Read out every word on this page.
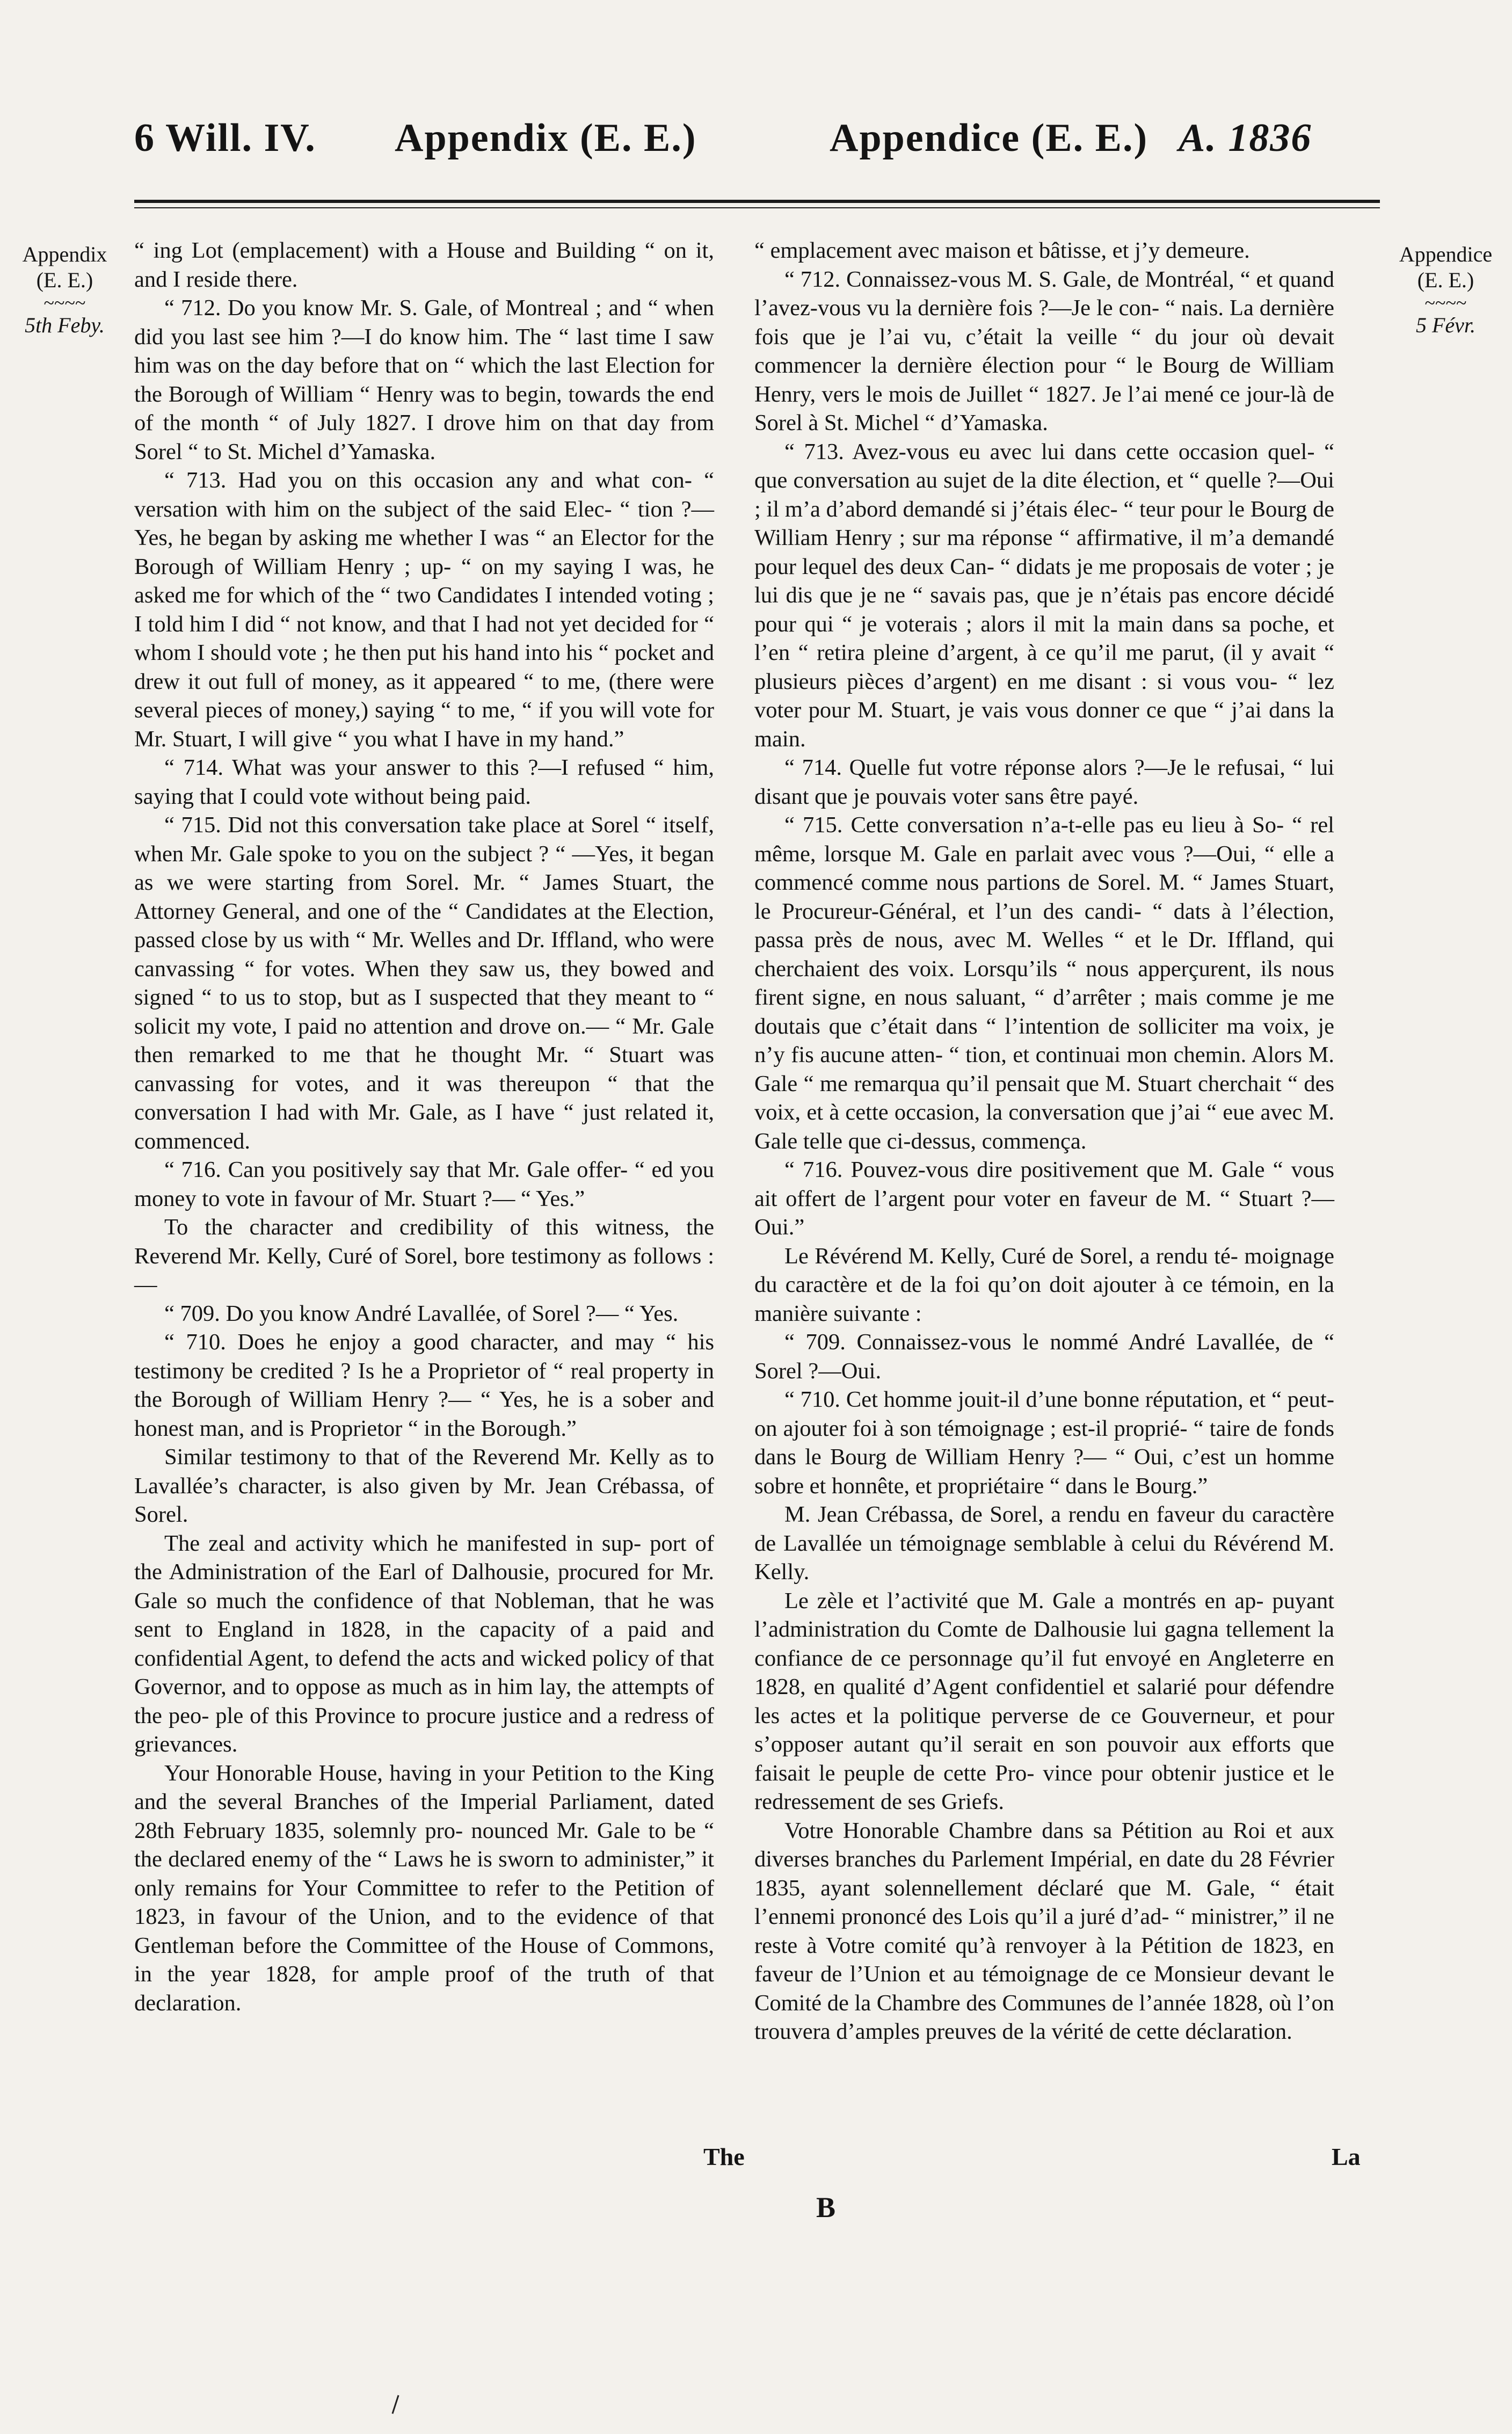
6 Will. IV. Appendix (E. E.)	Appendice (E. E.) A. 1836
Appendix (E. E.)
~~~~
5th Feby.
Appendice (E. E.)
~~~~
5 Févr.

“ ing Lot (emplacement) with a House and Building “ on it, and I reside there.

“ 712. Do you know Mr. S. Gale, of Montreal ; and “ when did you last see him ?—I do know him. The “ last time I saw him was on the day before that on “ which the last Election for the Borough of William “ Henry was to begin, towards the end of the month “ of July 1827. I drove him on that day from Sorel “ to St. Michel d’Yamaska.

“ 713. Had you on this occasion any and what con- “ versation with him on the subject of the said Elec- “ tion ?—Yes, he began by asking me whether I was “ an Elector for the Borough of William Henry ; up- “ on my saying I was, he asked me for which of the “ two Candidates I intended voting ; I told him I did “ not know, and that I had not yet decided for “ whom I should vote ; he then put his hand into his “ pocket and drew it out full of money, as it appeared “ to me, (there were several pieces of money,) saying “ to me, “ if you will vote for Mr. Stuart, I will give “ you what I have in my hand.”

“ 714. What was your answer to this ?—I refused “ him, saying that I could vote without being paid.

“ 715. Did not this conversation take place at Sorel “ itself, when Mr. Gale spoke to you on the subject ? “ —Yes, it began as we were starting from Sorel. Mr. “ James Stuart, the Attorney General, and one of the “ Candidates at the Election, passed close by us with “ Mr. Welles and Dr. Iffland, who were canvassing “ for votes. When they saw us, they bowed and signed “ to us to stop, but as I suspected that they meant to “ solicit my vote, I paid no attention and drove on.— “ Mr. Gale then remarked to me that he thought Mr. “ Stuart was canvassing for votes, and it was thereupon “ that the conversation I had with Mr. Gale, as I have “ just related it, commenced.

“ 716. Can you positively say that Mr. Gale offer- “ ed you money to vote in favour of Mr. Stuart ?— “ Yes.”

To the character and credibility of this witness, the Reverend Mr. Kelly, Curé of Sorel, bore testimony as follows :—

“ 709. Do you know André Lavallée, of Sorel ?— “ Yes.

“ 710. Does he enjoy a good character, and may “ his testimony be credited ? Is he a Proprietor of “ real property in the Borough of William Henry ?— “ Yes, he is a sober and honest man, and is Proprietor “ in the Borough.”

Similar testimony to that of the Reverend Mr. Kelly as to Lavallée’s character, is also given by Mr. Jean Crébassa, of Sorel.

The zeal and activity which he manifested in sup- port of the Administration of the Earl of Dalhousie, procured for Mr. Gale so much the confidence of that Nobleman, that he was sent to England in 1828, in the capacity of a paid and confidential Agent, to defend the acts and wicked policy of that Governor, and to oppose as much as in him lay, the attempts of the peo- ple of this Province to procure justice and a redress of grievances.

Your Honorable House, having in your Petition to the King and the several Branches of the Imperial Parliament, dated 28th February 1835, solemnly pro- nounced Mr. Gale to be “ the declared enemy of the “ Laws he is sworn to administer,” it only remains for Your Committee to refer to the Petition of 1823, in favour of the Union, and to the evidence of that Gentleman before the Committee of the House of Commons, in the year 1828, for ample proof of the truth of that declaration.

“ emplacement avec maison et bâtisse, et j’y demeure.

“ 712. Connaissez-vous M. S. Gale, de Montréal, “ et quand l’avez-vous vu la dernière fois ?—Je le con- “ nais. La dernière fois que je l’ai vu, c’était la veille “ du jour où devait commencer la dernière élection pour “ le Bourg de William Henry, vers le mois de Juillet “ 1827. Je l’ai mené ce jour-là de Sorel à St. Michel “ d’Yamaska.

“ 713. Avez-vous eu avec lui dans cette occasion quel- “ que conversation au sujet de la dite élection, et “ quelle ?—Oui ; il m’a d’abord demandé si j’étais élec- “ teur pour le Bourg de William Henry ; sur ma réponse “ affirmative, il m’a demandé pour lequel des deux Can- “ didats je me proposais de voter ; je lui dis que je ne “ savais pas, que je n’étais pas encore décidé pour qui “ je voterais ; alors il mit la main dans sa poche, et l’en “ retira pleine d’argent, à ce qu’il me parut, (il y avait “ plusieurs pièces d’argent) en me disant : si vous vou- “ lez voter pour M. Stuart, je vais vous donner ce que “ j’ai dans la main.

“ 714. Quelle fut votre réponse alors ?—Je le refusai, “ lui disant que je pouvais voter sans être payé.

“ 715. Cette conversation n’a-t-elle pas eu lieu à So- “ rel même, lorsque M. Gale en parlait avec vous ?—Oui, “ elle a commencé comme nous partions de Sorel. M. “ James Stuart, le Procureur-Général, et l’un des candi- “ dats à l’élection, passa près de nous, avec M. Welles “ et le Dr. Iffland, qui cherchaient des voix. Lorsqu’ils “ nous apperçurent, ils nous firent signe, en nous saluant, “ d’arrêter ; mais comme je me doutais que c’était dans “ l’intention de solliciter ma voix, je n’y fis aucune atten- “ tion, et continuai mon chemin. Alors M. Gale “ me remarqua qu’il pensait que M. Stuart cherchait “ des voix, et à cette occasion, la conversation que j’ai “ eue avec M. Gale telle que ci-dessus, commença.

“ 716. Pouvez-vous dire positivement que M. Gale “ vous ait offert de l’argent pour voter en faveur de M. “ Stuart ?—Oui.”

Le Révérend M. Kelly, Curé de Sorel, a rendu té- moignage du caractère et de la foi qu’on doit ajouter à ce témoin, en la manière suivante :

“ 709. Connaissez-vous le nommé André Lavallée, de “ Sorel ?—Oui.

“ 710. Cet homme jouit-il d’une bonne réputation, et “ peut-on ajouter foi à son témoignage ; est-il proprié- “ taire de fonds dans le Bourg de William Henry ?— “ Oui, c’est un homme sobre et honnête, et propriétaire “ dans le Bourg.”

M. Jean Crébassa, de Sorel, a rendu en faveur du caractère de Lavallée un témoignage semblable à celui du Révérend M. Kelly.

Le zèle et l’activité que M. Gale a montrés en ap- puyant l’administration du Comte de Dalhousie lui gagna tellement la confiance de ce personnage qu’il fut envoyé en Angleterre en 1828, en qualité d’Agent confidentiel et salarié pour défendre les actes et la politique perverse de ce Gouverneur, et pour s’opposer autant qu’il serait en son pouvoir aux efforts que faisait le peuple de cette Pro- vince pour obtenir justice et le redressement de ses Griefs.

Votre Honorable Chambre dans sa Pétition au Roi et aux diverses branches du Parlement Impérial, en date du 28 Février 1835, ayant solennellement déclaré que M. Gale, “ était l’ennemi prononcé des Lois qu’il a juré d’ad- “ ministrer,” il ne reste à Votre comité qu’à renvoyer à la Pétition de 1823, en faveur de l’Union et au témoignage de ce Monsieur devant le Comité de la Chambre des Communes de l’année 1828, où l’on trouvera d’amples preuves de la vérité de cette déclaration.

The	La
B
